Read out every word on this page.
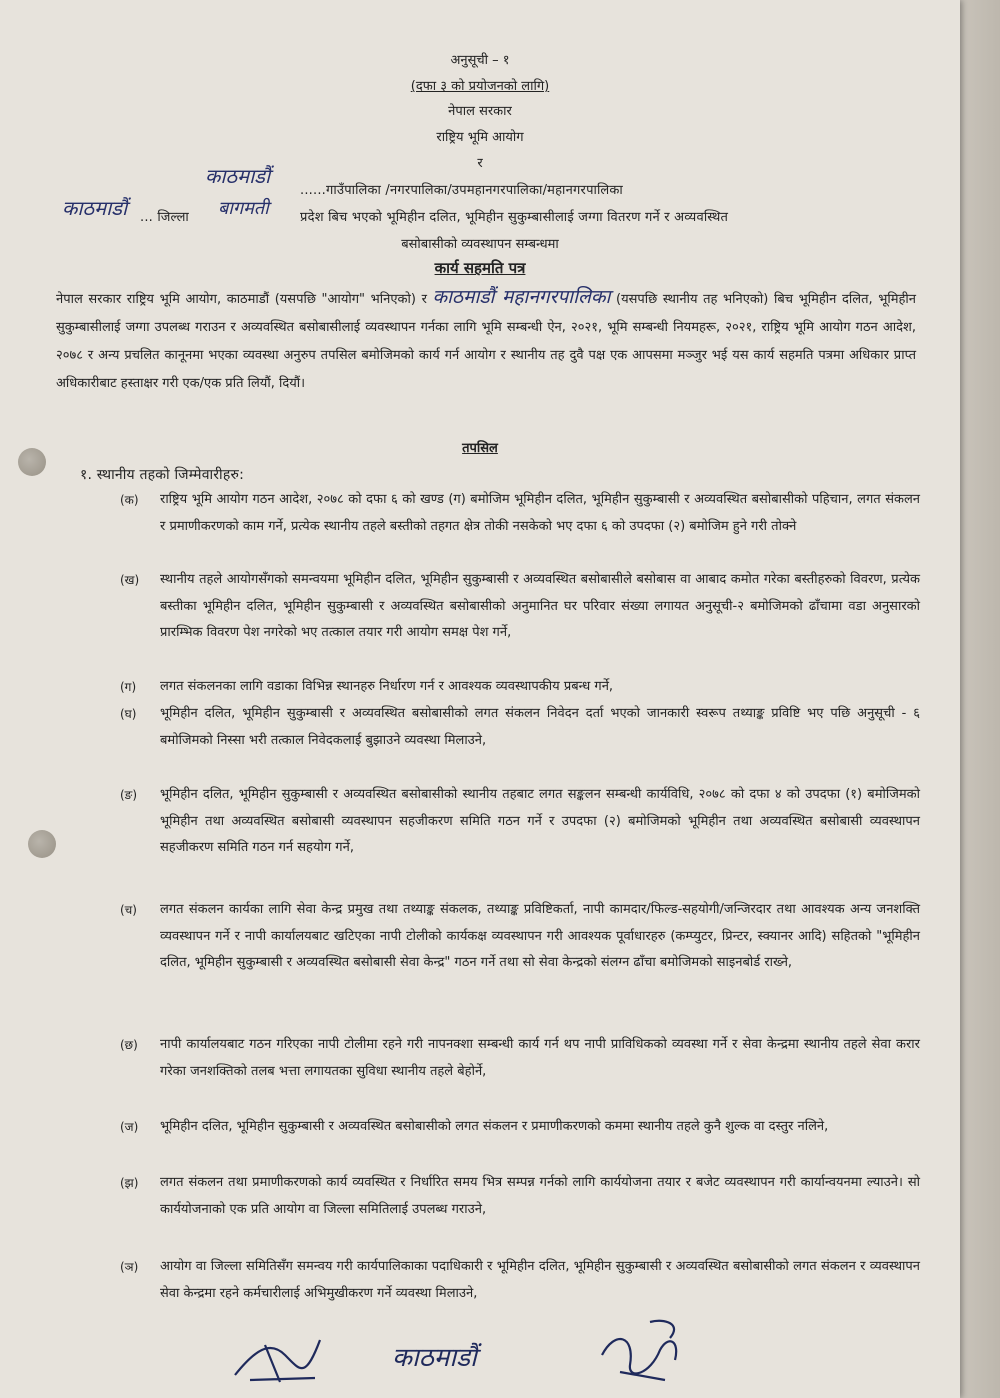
अनुसूची – १
(दफा ३ को प्रयोजनको लागि)
नेपाल सरकार
राष्ट्रिय भूमि आयोग
र
काठमाडौं
......गाउँपालिका /नगरपालिका/उपमहानगरपालिका/महानगरपालिका
काठमाडौं ... जिल्ला बागमती प्रदेश बिच भएको भूमिहीन दलित, भूमिहीन सुकुम्बासीलाई जग्गा वितरण गर्ने र अव्यवस्थित
बसोबासीको व्यवस्थापन सम्बन्धमा
कार्य सहमति पत्र
नेपाल सरकार राष्ट्रिय भूमि आयोग, काठमाडौं (यसपछि "आयोग" भनिएको) र काठमाडौं महानगरपालिका (यसपछि स्थानीय तह भनिएको) बिच भूमिहीन दलित, भूमिहीन सुकुम्बासीलाई जग्गा उपलब्ध गराउन र अव्यवस्थित बसोबासीलाई व्यवस्थापन गर्नका लागि भूमि सम्बन्धी ऐन, २०२१, भूमि सम्बन्धी नियमहरू, २०२१, राष्ट्रिय भूमि आयोग गठन आदेश, २०७८ र अन्य प्रचलित कानूनमा भएका व्यवस्था अनुरुप तपसिल बमोजिमको कार्य गर्न आयोग र स्थानीय तह दुवै पक्ष एक आपसमा मञ्जुर भई यस कार्य सहमति पत्रमा अधिकार प्राप्त अधिकारीबाट हस्ताक्षर गरी एक/एक प्रति लियौं, दियौं।
तपसिल
१. स्थानीय तहको जिम्मेवारीहरु:
(क) राष्ट्रिय भूमि आयोग गठन आदेश, २०७८ को दफा ६ को खण्ड (ग) बमोजिम भूमिहीन दलित, भूमिहीन सुकुम्बासी र अव्यवस्थित बसोबासीको पहिचान, लगत संकलन र प्रमाणीकरणको काम गर्ने, प्रत्येक स्थानीय तहले बस्तीको तहगत क्षेत्र तोकी नसकेको भए दफा ६ को उपदफा (२) बमोजिम हुने गरी तोक्ने
(ख) स्थानीय तहले आयोगसँगको समन्वयमा भूमिहीन दलित, भूमिहीन सुकुम्बासी र अव्यवस्थित बसोबासीले बसोबास वा आबाद कमोत गरेका बस्तीहरुको विवरण, प्रत्येक बस्तीका भूमिहीन दलित, भूमिहीन सुकुम्बासी र अव्यवस्थित बसोबासीको अनुमानित घर परिवार संख्या लगायत अनुसूची-२ बमोजिमको ढाँचामा वडा अनुसारको प्रारम्भिक विवरण पेश नगरेको भए तत्काल तयार गरी आयोग समक्ष पेश गर्ने,
(ग) लगत संकलनका लागि वडाका विभिन्न स्थानहरु निर्धारण गर्न र आवश्यक व्यवस्थापकीय प्रबन्ध गर्ने,
(घ) भूमिहीन दलित, भूमिहीन सुकुम्बासी र अव्यवस्थित बसोबासीको लगत संकलन निवेदन दर्ता भएको जानकारी स्वरूप तथ्याङ्क प्रविष्टि भए पछि अनुसूची - ६ बमोजिमको निस्सा भरी तत्काल निवेदकलाई बुझाउने व्यवस्था मिलाउने,
(ङ) भूमिहीन दलित, भूमिहीन सुकुम्बासी र अव्यवस्थित बसोबासीको स्थानीय तहबाट लगत सङ्कलन सम्बन्धी कार्यविधि, २०७८ को दफा ४ को उपदफा (१) बमोजिमको भूमिहीन तथा अव्यवस्थित बसोबासी व्यवस्थापन सहजीकरण समिति गठन गर्ने र उपदफा (२) बमोजिमको भूमिहीन तथा अव्यवस्थित बसोबासी व्यवस्थापन सहजीकरण समिति गठन गर्न सहयोग गर्ने,
(च) लगत संकलन कार्यका लागि सेवा केन्द्र प्रमुख तथा तथ्याङ्क संकलक, तथ्याङ्क प्रविष्टिकर्ता, नापी कामदार/फिल्ड-सहयोगी/जन्जिरदार तथा आवश्यक अन्य जनशक्ति व्यवस्थापन गर्ने र नापी कार्यालयबाट खटिएका नापी टोलीको कार्यकक्ष व्यवस्थापन गरी आवश्यक पूर्वाधारहरु (कम्प्युटर, प्रिन्टर, स्क्यानर आदि) सहितको "भूमिहीन दलित, भूमिहीन सुकुम्बासी र अव्यवस्थित बसोबासी सेवा केन्द्र" गठन गर्ने तथा सो सेवा केन्द्रको संलग्न ढाँचा बमोजिमको साइनबोर्ड राख्ने,
(छ) नापी कार्यालयबाट गठन गरिएका नापी टोलीमा रहने गरी नापनक्शा सम्बन्धी कार्य गर्न थप नापी प्राविधिकको व्यवस्था गर्ने र सेवा केन्द्रमा स्थानीय तहले सेवा करार गरेका जनशक्तिको तलब भत्ता लगायतका सुविधा स्थानीय तहले बेहोर्ने,
(ज) भूमिहीन दलित, भूमिहीन सुकुम्बासी र अव्यवस्थित बसोबासीको लगत संकलन र प्रमाणीकरणको कममा स्थानीय तहले कुनै शुल्क वा दस्तुर नलिने,
(झ) लगत संकलन तथा प्रमाणीकरणको कार्य व्यवस्थित र निर्धारित समय भित्र सम्पन्न गर्नको लागि कार्ययोजना तयार र बजेट व्यवस्थापन गरी कार्यान्वयनमा ल्याउने। सो कार्ययोजनाको एक प्रति आयोग वा जिल्ला समितिलाई उपलब्ध गराउने,
(ञ) आयोग वा जिल्ला समितिसँग समन्वय गरी कार्यपालिकाका पदाधिकारी र भूमिहीन दलित, भूमिहीन सुकुम्बासी र अव्यवस्थित बसोबासीको लगत संकलन र व्यवस्थापन सेवा केन्द्रमा रहने कर्मचारीलाई अभिमुखीकरण गर्ने व्यवस्था मिलाउने,
काठमाडौं
